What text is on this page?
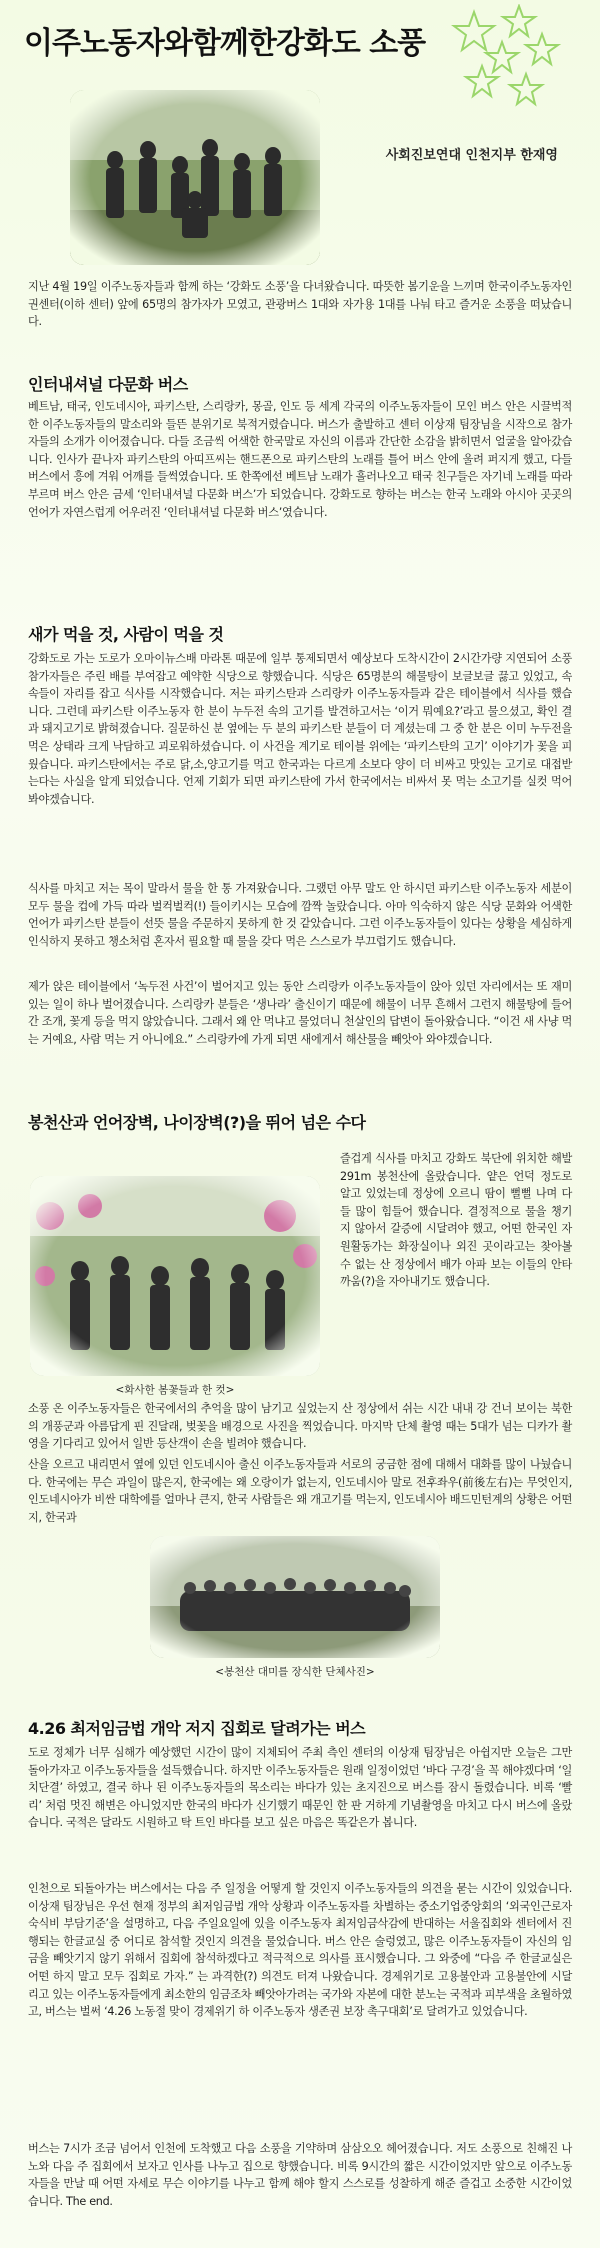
이주노동자와함께한강화도 소풍
사회진보연대 인천지부 한재영

지난 4월 19일 이주노동자들과 함께 하는 ‘강화도 소풍’을 다녀왔습니다. 따뜻한 봄기운을 느끼며 한국이주노동자인권센터(이하 센터) 앞에 65명의 참가자가 모였고, 관광버스 1대와 자가용 1대를 나눠 타고 즐거운 소풍을 떠났습니다.

인터내셔널 다문화 버스

베트남, 태국, 인도네시아, 파키스탄, 스리랑카, 몽골, 인도 등 세계 각국의 이주노동자들이 모인 버스 안은 시끌벅적한 이주노동자들의 말소리와 들뜬 분위기로 북적거렸습니다. 버스가 출발하고 센터 이상재 팀장님을 시작으로 참가자들의 소개가 이어졌습니다. 다들 조금씩 어색한 한국말로 자신의 이름과 간단한 소감을 밝히면서 얼굴을 알아갔습니다. 인사가 끝나자 파키스탄의 아띠프씨는 핸드폰으로 파키스탄의 노래를 틀어 버스 안에 울려 퍼지게 했고, 다들 버스에서 흥에 겨워 어깨를 들썩였습니다. 또 한쪽에선 베트남 노래가 흘러나오고 태국 친구들은 자기네 노래를 따라 부르며 버스 안은 금세 ‘인터내셔널 다문화 버스’가 되었습니다. 강화도로 향하는 버스는 한국 노래와 아시아 곳곳의 언어가 자연스럽게 어우러진 ‘인터내셔널 다문화 버스’였습니다.

새가 먹을 것, 사람이 먹을 것

강화도로 가는 도로가 오마이뉴스배 마라톤 때문에 일부 통제되면서 예상보다 도착시간이 2시간가량 지연되어 소풍 참가자들은 주린 배를 부여잡고 예약한 식당으로 향했습니다. 식당은 65명분의 해물탕이 보글보글 끓고 있었고, 속속들이 자리를 잡고 식사를 시작했습니다. 저는 파키스탄과 스리랑카 이주노동자들과 같은 테이블에서 식사를 했습니다. 그런데 파키스탄 이주노동자 한 분이 누두전 속의 고기를 발견하고서는 ‘이거 뭐예요?’라고 물으셨고, 확인 결과 돼지고기로 밝혀졌습니다. 질문하신 분 옆에는 두 분의 파키스탄 분들이 더 계셨는데 그 중 한 분은 이미 누두전을 먹은 상태라 크게 낙담하고 괴로워하셨습니다. 이 사건을 계기로 테이블 위에는 ‘파키스탄의 고기’ 이야기가 꽃을 피웠습니다. 파키스탄에서는 주로 닭,소,양고기를 먹고 한국과는 다르게 소보다 양이 더 비싸고 맛있는 고기로 대접받는다는 사실을 알게 되었습니다. 언제 기회가 되면 파키스탄에 가서 한국에서는 비싸서 못 먹는 소고기를 실컷 먹어봐야겠습니다.

식사를 마치고 저는 목이 말라서 물을 한 통 가져왔습니다. 그랬던 아무 말도 안 하시던 파키스탄 이주노동자 세분이 모두 물을 컵에 가득 따라 벌컥벌컥(!) 들이키시는 모습에 깜짝 놀랐습니다. 아마 익숙하지 않은 식당 문화와 어색한 언어가 파키스탄 분들이 선뜻 물을 주문하지 못하게 한 것 같았습니다. 그런 이주노동자들이 있다는 상황을 세심하게 인식하지 못하고 챙소처럼 혼자서 필요할 때 물을 갖다 먹은 스스로가 부끄럽기도 했습니다.

제가 앉은 테이블에서 ‘녹두전 사건’이 벌어지고 있는 동안 스리랑카 이주노동자들이 앉아 있던 자리에서는 또 재미있는 일이 하나 벌어졌습니다. 스리랑카 분들은 ‘생나라’ 출신이기 때문에 해물이 너무 흔해서 그런지 해물탕에 들어간 조개, 꽃게 등을 먹지 않았습니다. 그래서 왜 안 먹냐고 물었더니 천살인의 답변이 돌아왔습니다. “이건 새 사냥 먹는 거예요, 사람 먹는 거 아니에요.” 스리랑카에 가게 되면 새에게서 해산물을 빼앗아 와야겠습니다.

봉천산과 언어장벽, 나이장벽(?)을 뛰어 넘은 수다
<화사한 봄꽃들과 한 컷>

즐겁게 식사를 마치고 강화도 북단에 위치한 해발 291m 봉천산에 올랐습니다. 얕은 언덕 정도로 알고 있었는데 정상에 오르니 땀이 뻘뻘 나며 다들 많이 힘들어 했습니다. 결정적으로 물을 챙기지 않아서 갈증에 시달려야 했고, 어떤 한국인 자원활동가는 화장실이나 외진 곳이라고는 찾아볼 수 없는 산 정상에서 배가 아파 보는 이들의 안타까움(?)을 자아내기도 했습니다.

소풍 온 이주노동자들은 한국에서의 추억을 많이 남기고 싶었는지 산 정상에서 쉬는 시간 내내 강 건너 보이는 북한의 개풍군과 아름답게 핀 진달래, 벚꽃을 배경으로 사진을 찍었습니다. 마지막 단체 촬영 때는 5대가 넘는 디카가 촬영을 기다리고 있어서 일반 등산객이 손을 빌려야 했습니다.

산을 오르고 내리면서 옆에 있던 인도네시아 출신 이주노동자들과 서로의 궁금한 점에 대해서 대화를 많이 나눴습니다. 한국에는 무슨 과일이 많은지, 한국에는 왜 오랑이가 없는지, 인도네시아 말로 전후좌우(前後左右)는 무엇인지, 인도네시아가 비싼 대학에를 얼마나 큰지, 한국 사람들은 왜 개고기를 먹는지, 인도네시아 배드민턴계의 상황은 어떤지, 한국과

<봉천산 대미를 장식한 단체사진>
4.26 최저임금법 개악 저지 집회로 달려가는 버스

도로 정체가 너무 심해가 예상했던 시간이 많이 지체되어 주최 측인 센터의 이상재 팀장님은 아쉽지만 오늘은 그만 돌아가자고 이주노동자들을 설득했습니다. 하지만 이주노동자들은 원래 일정이었던 ‘바다 구경’을 꼭 해야겠다며 ‘일치단결’ 하였고, 결국 하나 된 이주노동자들의 목소리는 바다가 있는 초지진으로 버스를 잠시 돌렸습니다. 비록 ‘빨리’ 처럼 멋진 해변은 아니었지만 한국의 바다가 신기했기 때문인 한 판 거하게 기념촬영을 마치고 다시 버스에 올랐습니다. 국적은 달라도 시원하고 탁 트인 바다를 보고 싶은 마음은 똑같은가 봅니다.

인천으로 되돌아가는 버스에서는 다음 주 일정을 어떻게 할 것인지 이주노동자들의 의견을 묻는 시간이 있었습니다. 이상재 팀장님은 우선 현재 정부의 최저임금법 개악 상황과 이주노동자를 차별하는 중소기업중앙회의 ‘외국인근로자 숙식비 부담기준’을 설명하고, 다음 주일요일에 있을 이주노동자 최저임금삭감에 반대하는 서울집회와 센터에서 진행되는 한글교실 중 어디로 참석할 것인지 의견을 물었습니다. 버스 안은 술렁였고, 많은 이주노동자들이 자신의 임금을 빼앗기지 않기 위해서 집회에 참석하겠다고 적극적으로 의사를 표시했습니다. 그 와중에 “다음 주 한글교실은 어떤 하지 말고 모두 집회로 가자.” 는 과격한(?) 의견도 터져 나왔습니다. 경제위기로 고용불안과 고용불안에 시달리고 있는 이주노동자들에게 최소한의 임금조차 빼앗아가려는 국가와 자본에 대한 분노는 국적과 피부색을 초월하였고, 버스는 벌써 ‘4.26 노동절 맞이 경제위기 하 이주노동자 생존권 보장 촉구대회’로 달려가고 있었습니다.

버스는 7시가 조금 넘어서 인천에 도착했고 다음 소풍을 기약하며 삼삼오오 헤어졌습니다. 저도 소풍으로 친해진 나노와 다음 주 집회에서 보자고 인사를 나누고 집으로 향했습니다. 비록 9시간의 짧은 시간이었지만 앞으로 이주노동자들을 만날 때 어떤 자세로 무슨 이야기를 나누고 함께 해야 할지 스스로를 성찰하게 해준 즐겁고 소중한 시간이었습니다. The end.
